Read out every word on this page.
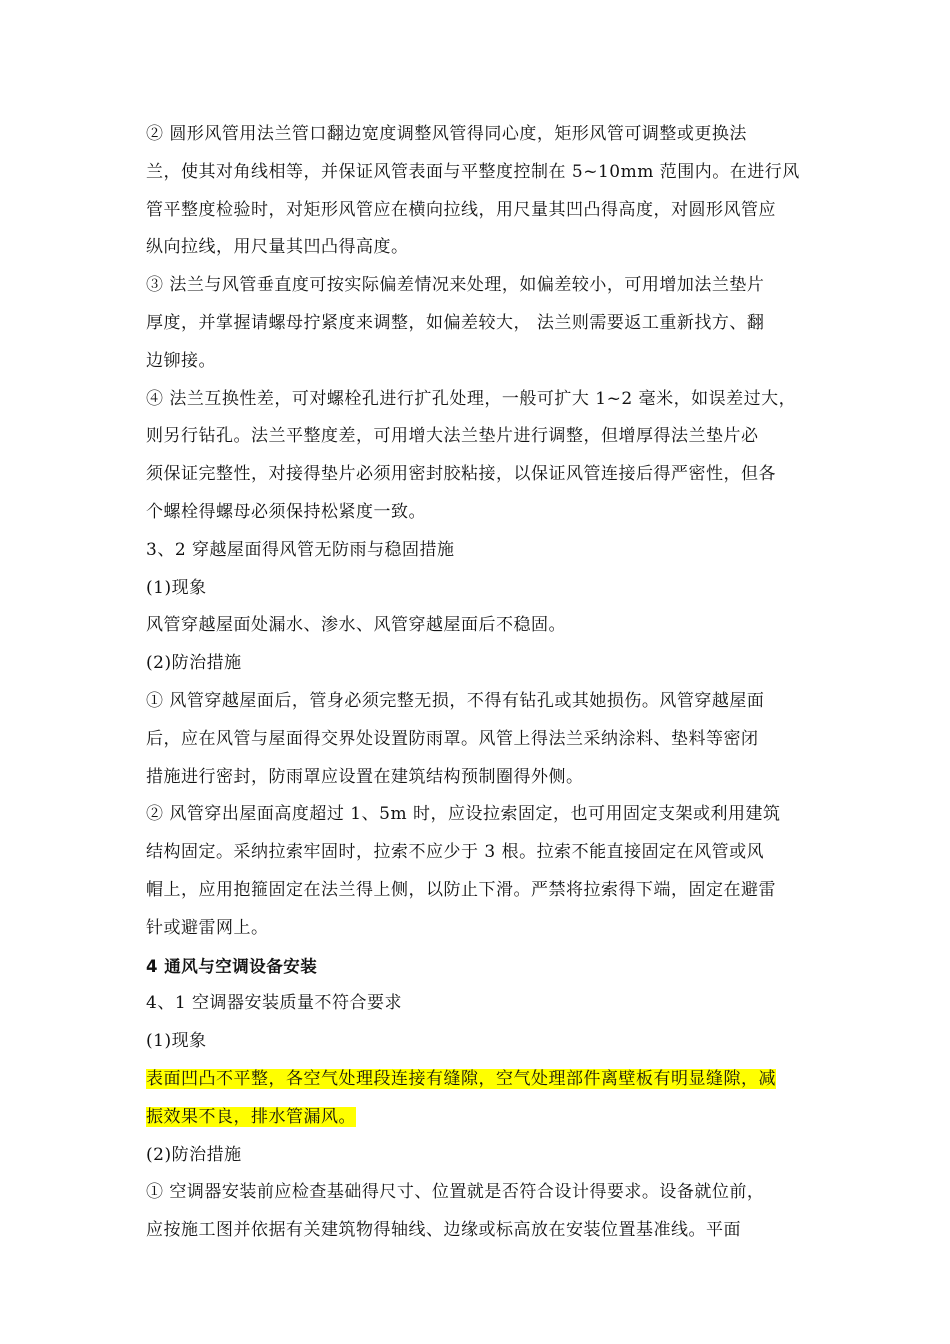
② 圆形风管用法兰管口翻边宽度调整风管得同心度，矩形风管可调整或更换法
兰，使其对角线相等，并保证风管表面与平整度控制在 5~10mm 范围内。在进行风
管平整度检验时，对矩形风管应在横向拉线，用尺量其凹凸得高度，对圆形风管应
纵向拉线，用尺量其凹凸得高度。
③ 法兰与风管垂直度可按实际偏差情况来处理，如偏差较小，可用增加法兰垫片
厚度，并掌握请螺母拧紧度来调整，如偏差较大， 法兰则需要返工重新找方、翻
边铆接。
④ 法兰互换性差，可对螺栓孔进行扩孔处理，一般可扩大 1~2 毫米，如误差过大，
则另行钻孔。法兰平整度差，可用增大法兰垫片进行调整，但增厚得法兰垫片必
须保证完整性，对接得垫片必须用密封胶粘接，以保证风管连接后得严密性，但各
个螺栓得螺母必须保持松紧度一致。
3、2 穿越屋面得风管无防雨与稳固措施
(1)现象
风管穿越屋面处漏水、渗水、风管穿越屋面后不稳固。
(2)防治措施
① 风管穿越屋面后，管身必须完整无损，不得有钻孔或其她损伤。风管穿越屋面
后，应在风管与屋面得交界处设置防雨罩。风管上得法兰采纳涂料、垫料等密闭
措施进行密封，防雨罩应设置在建筑结构预制圈得外侧。
② 风管穿出屋面高度超过 1、5m 时，应设拉索固定，也可用固定支架或利用建筑
结构固定。采纳拉索牢固时，拉索不应少于 3 根。拉索不能直接固定在风管或风
帽上，应用抱箍固定在法兰得上侧，以防止下滑。严禁将拉索得下端，固定在避雷
针或避雷网上。
4 通风与空调设备安装
4、1 空调器安装质量不符合要求
(1)现象
表面凹凸不平整，各空气处理段连接有缝隙，空气处理部件离壁板有明显缝隙，减
振效果不良，排水管漏风。
(2)防治措施
① 空调器安装前应检查基础得尺寸、位置就是否符合设计得要求。设备就位前，
应按施工图并依据有关建筑物得轴线、边缘或标高放在安装位置基准线。平面
